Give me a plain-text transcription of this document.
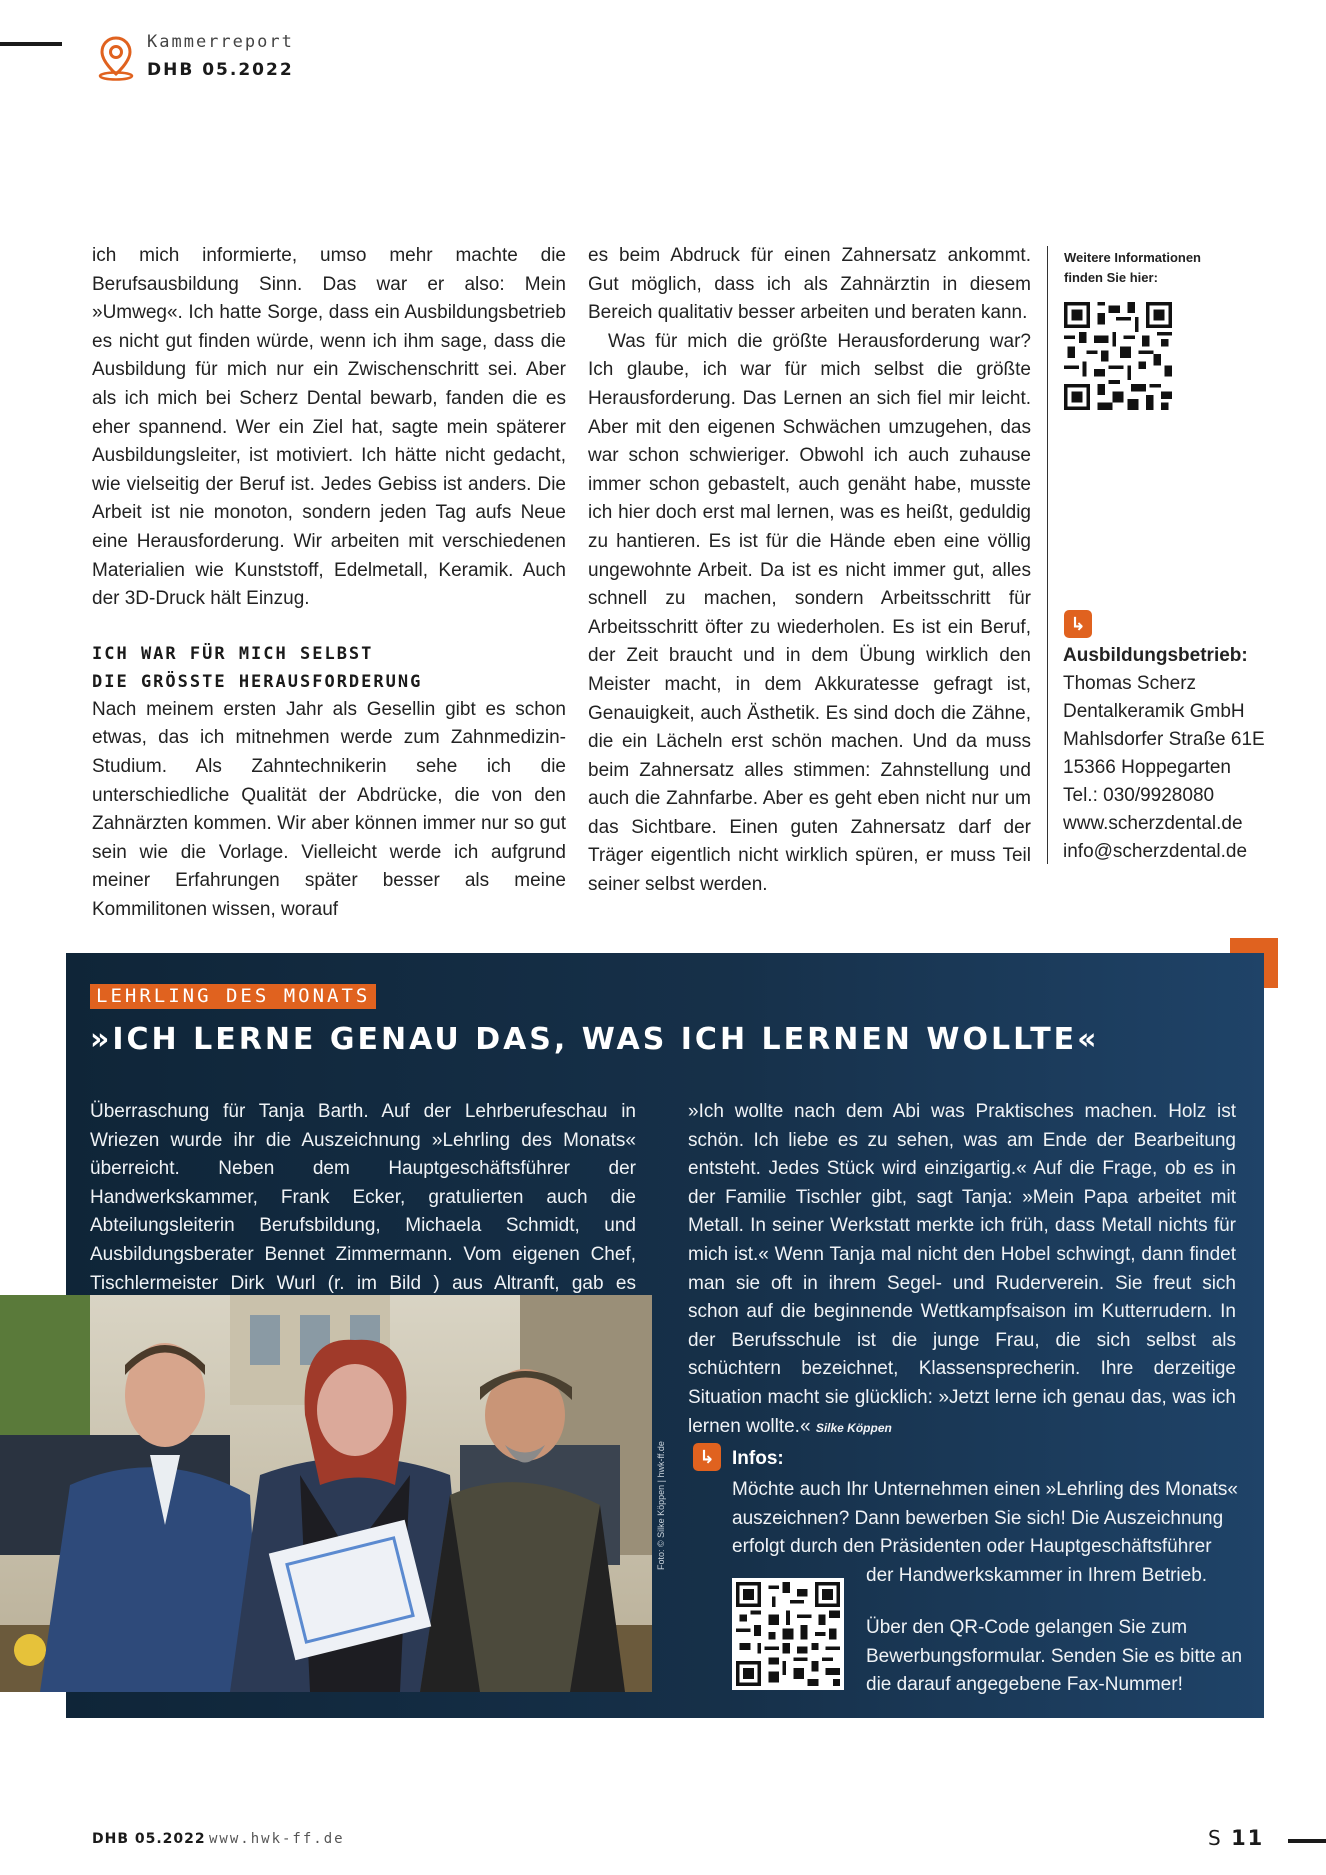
Kammerreport
DHB 05.2022

ich mich informierte, umso mehr machte die Berufsausbildung Sinn. Das war er also: Mein »Umweg«. Ich hatte Sorge, dass ein Ausbildungsbetrieb es nicht gut finden würde, wenn ich ihm sage, dass die Ausbildung für mich nur ein Zwischenschritt sei. Aber als ich mich bei Scherz Dental bewarb, fanden die es eher spannend. Wer ein Ziel hat, sagte mein späterer Ausbildungsleiter, ist motiviert. Ich hätte nicht gedacht, wie vielseitig der Beruf ist. Jedes Gebiss ist anders. Die Arbeit ist nie monoton, sondern jeden Tag aufs Neue eine Herausforderung. Wir arbeiten mit verschiedenen Materialien wie Kunststoff, Edelmetall, Keramik. Auch der 3D-Druck hält Einzug.

ICH WAR FÜR MICH SELBST
DIE GRÖSSTE HERAUSFORDERUNG

Nach meinem ersten Jahr als Gesellin gibt es schon etwas, das ich mitnehmen werde zum Zahnmedizin-Studium. Als Zahntechnikerin sehe ich die unterschiedliche Qualität der Abdrücke, die von den Zahnärzten kommen. Wir aber können immer nur so gut sein wie die Vorlage. Vielleicht werde ich aufgrund meiner Erfahrungen später besser als meine Kommilitonen wissen, worauf

es beim Abdruck für einen Zahnersatz ankommt. Gut möglich, dass ich als Zahnärztin in diesem Bereich qualitativ besser arbeiten und beraten kann.

Was für mich die größte Herausforderung war? Ich glaube, ich war für mich selbst die größte Herausforderung. Das Lernen an sich fiel mir leicht. Aber mit den eigenen Schwächen umzugehen, das war schon schwieriger. Obwohl ich auch zuhause immer schon gebastelt, auch genäht habe, musste ich hier doch erst mal lernen, was es heißt, geduldig zu hantieren. Es ist für die Hände eben eine völlig ungewohnte Arbeit. Da ist es nicht immer gut, alles schnell zu machen, sondern Arbeitsschritt für Arbeitsschritt öfter zu wiederholen. Es ist ein Beruf, der Zeit braucht und in dem Übung wirklich den Meister macht, in dem Akkuratesse gefragt ist, Genauigkeit, auch Ästhetik. Es sind doch die Zähne, die ein Lächeln erst schön machen. Und da muss beim Zahnersatz alles stimmen: Zahnstellung und auch die Zahnfarbe. Aber es geht eben nicht nur um das Sichtbare. Einen guten Zahnersatz darf der Träger eigentlich nicht wirklich spüren, er muss Teil seiner selbst werden.

Weitere Informationen
finden Sie hier:
↳
Ausbildungsbetrieb:
Thomas Scherz
Dentalkeramik GmbH
Mahlsdorfer Straße 61E
15366 Hoppegarten
Tel.: 030/9928080
www.scherzdental.de
info@scherzdental.de
LEHRLING DES MONATS
»ICH LERNE GENAU DAS, WAS ICH LERNEN WOLLTE«

Überraschung für Tanja Barth. Auf der Lehrberufeschau in Wriezen wurde ihr die Auszeichnung »Lehrling des Monats« überreicht. Neben dem Hauptgeschäftsführer der Handwerkskammer, Frank Ecker, gratulierten auch die Abteilungsleiterin Berufsbildung, Michaela Schmidt, und Ausbildungsberater Bennet Zimmermann. Vom eigenen Chef, Tischlermeister Dirk Wurl (r. im Bild ) aus Altranft, gab es

»Ich wollte nach dem Abi was Praktisches machen. Holz ist schön. Ich liebe es zu sehen, was am Ende der Bearbeitung entsteht. Jedes Stück wird einzigartig.« Auf die Frage, ob es in der Familie Tischler gibt, sagt Tanja: »Mein Papa arbeitet mit Metall. In seiner Werkstatt merkte ich früh, dass Metall nichts für mich ist.« Wenn Tanja mal nicht den Hobel schwingt, dann findet man sie oft in ihrem Segel- und Ruderverein. Sie freut sich schon auf die beginnende Wettkampfsaison im Kutterrudern. In der Berufsschule ist die junge Frau, die sich selbst als schüchtern bezeichnet, Klassensprecherin. Ihre derzeitige Situation macht sie glücklich: »Jetzt lerne ich genau das, was ich lernen wollte.« Silke Köppen

Foto: © Silke Köppen | hwk-ff.de	↳ Infos:
Möchte auch Ihr Unternehmen einen »Lehrling des Monats« auszeichnen? Dann bewerben Sie sich! Die Auszeichnung erfolgt durch den Präsidenten oder Hauptgeschäftsführer
der Handwerkskammer in Ihrem Betrieb.
Über den QR-Code gelangen Sie zum Bewerbungsformular. Senden Sie es bitte an die darauf angegebene Fax-Nummer!
DHB 05.2022 www.hwk-ff.de	S 11
